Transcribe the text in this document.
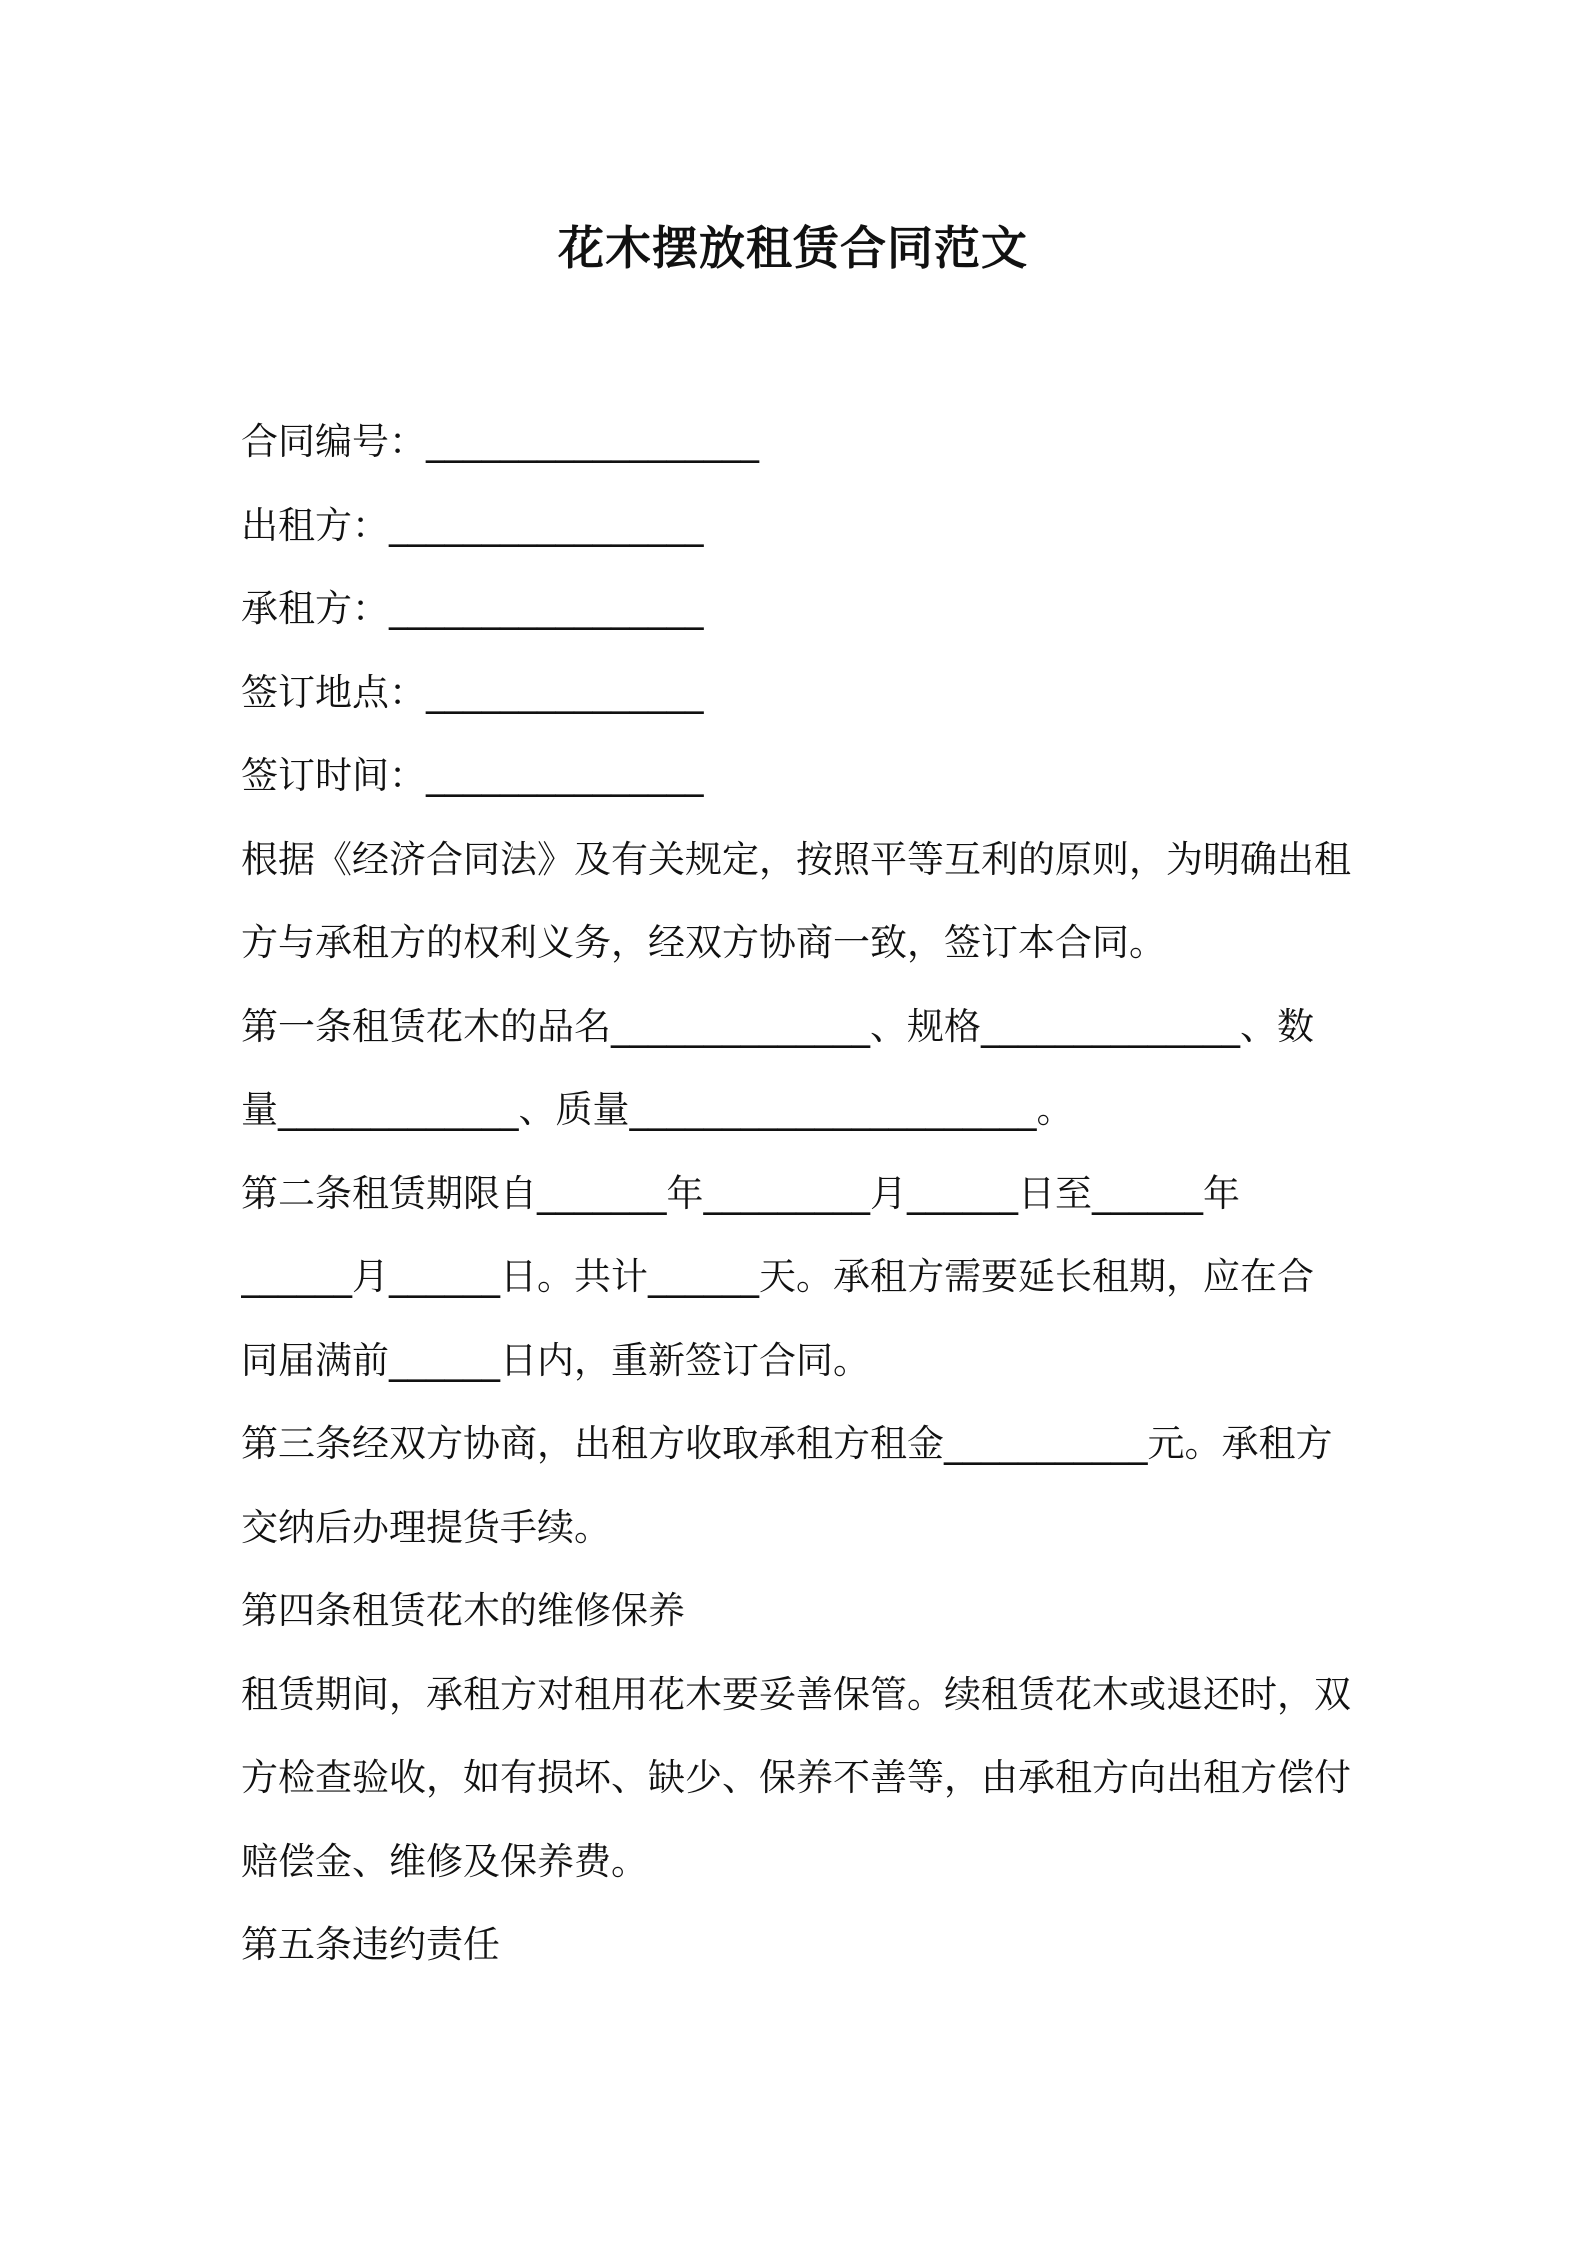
花木摆放租赁合同范文
合同编号：__________________
出租方：_________________
承租方：_________________
签订地点：_______________
签订时间：_______________
根据《经济合同法》及有关规定，按照平等互利的原则，为明确出租
方与承租方的权利义务，经双方协商一致，签订本合同。
第一条租赁花木的品名______________、规格______________、数
量_____________、质量______________________。
第二条租赁期限自_______年_________月______日至______年
______月______日。共计______天。承租方需要延长租期，应在合
同届满前______日内，重新签订合同。
第三条经双方协商，出租方收取承租方租金___________元。承租方
交纳后办理提货手续。
第四条租赁花木的维修保养
租赁期间，承租方对租用花木要妥善保管。续租赁花木或退还时，双
方检查验收，如有损坏、缺少、保养不善等，由承租方向出租方偿付
赔偿金、维修及保养费。
第五条违约责任
